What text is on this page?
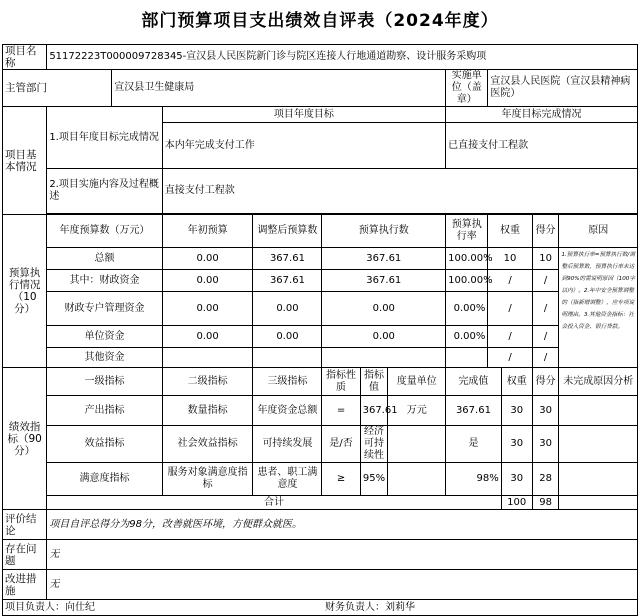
部门预算项目支出绩效自评表（2024年度）
项目名称	51172223T000009728345-宣汉县人民医院新门诊与院区连接人行地通道勘察、设计服务采购项											
主管部门		宣汉县卫生健康局						实施单位（盖章）	宣汉县人民医院（宣汉县精神病医院）			
项目基本情况	1.项目年度目标完成情况		项目年度目标					年度目标完成情况				
			本内年完成支付工作					已直接支付工程款				
	2.项目实施内容及过程概述		直接支付工程款									

预算执行情况（10分）	年度预算数（万元）		年初预算	调整后预算数	预算执行数			预算执行率	权重		得分	原因
	总额		0.00	367.61	367.61			100.00%	10		10	1.预算执行率=预算执行数/调整后预算数，预算执行率未达到90%的需说明原因（100字以内）。2.年中安全预算调整的（指新增调整），应专项说明理由。3.其他资金指标：社会投入资金、银行贷款。
	其中：财政资金		0.00	367.61	367.61			100.00%	/		/	
	财政专户管理资金		0.00	0.00	0.00			0.00%	/		/	
	单位资金		0.00	0.00	0.00			0.00%	/		/	
	其他资金								/		/	
绩效指标（90分）	一级指标		二级指标	三级指标	指标性质	指标值	度量单位	完成值		权重	得分	未完成原因分析
	产出指标		数量指标	年度资金总额	=	367.61	万元	367.61		30	30	
	效益指标		社会效益指标	可持续发展	是/否	经济可持续性		是		30	30	
	满意度指标		服务对象满意度指标	患者、职工满意度	≥	95%		98%		30	28	
	合计									100	98	
评价结论	项目自评总得分为98分，改善就医环境，方便群众就医。											
存在问题	无											
改进措施	无											
项目负责人：向仕纪					财务负责人：刘莉华							
